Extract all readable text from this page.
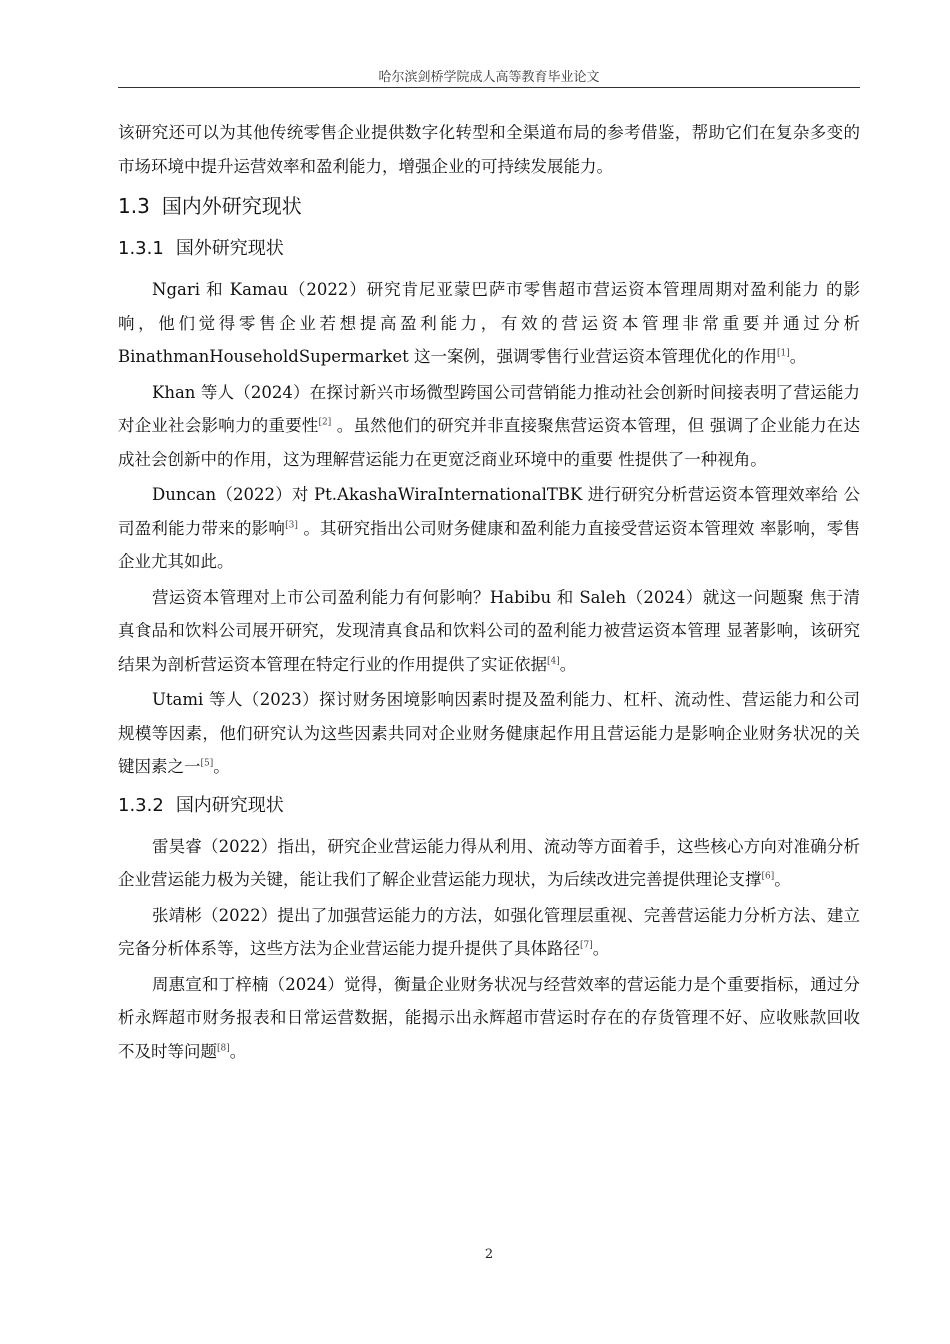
哈尔滨剑桥学院成人高等教育毕业论文

该研究还可以为其他传统零售企业提供数字化转型和全渠道布局的参考借鉴，帮助它们在复杂多变的市场环境中提升运营效率和盈利能力，增强企业的可持续发展能力。

1.3 国内外研究现状
1.3.1 国外研究现状

Ngari 和 Kamau（2022）研究肯尼亚蒙巴萨市零售超市营运资本管理周期对盈利能力 的影响，他们觉得零售企业若想提高盈利能力，有效的营运资本管理非常重要并通过分析 BinathmanHouseholdSupermarket 这一案例，强调零售行业营运资本管理优化的作用[1]。

Khan 等人（2024）在探讨新兴市场微型跨国公司营销能力推动社会创新时间接表明了营运能力对企业社会影响力的重要性[2] 。虽然他们的研究并非直接聚焦营运资本管理，但 强调了企业能力在达成社会创新中的作用，这为理解营运能力在更宽泛商业环境中的重要 性提供了一种视角。

Duncan（2022）对 Pt.AkashaWiraInternationalTBK 进行研究分析营运资本管理效率给 公司盈利能力带来的影响[3] 。其研究指出公司财务健康和盈利能力直接受营运资本管理效 率影响，零售企业尤其如此。

营运资本管理对上市公司盈利能力有何影响？Habibu 和 Saleh（2024）就这一问题聚 焦于清真食品和饮料公司展开研究，发现清真食品和饮料公司的盈利能力被营运资本管理 显著影响，该研究结果为剖析营运资本管理在特定行业的作用提供了实证依据[4]。

Utami 等人（2023）探讨财务困境影响因素时提及盈利能力、杠杆、流动性、营运能力和公司规模等因素，他们研究认为这些因素共同对企业财务健康起作用且营运能力是影响企业财务状况的关键因素之一[5]。

1.3.2 国内研究现状

雷昊睿（2022）指出，研究企业营运能力得从利用、流动等方面着手，这些核心方向对准确分析企业营运能力极为关键，能让我们了解企业营运能力现状，为后续改进完善提供理论支撑[6]。

张靖彬（2022）提出了加强营运能力的方法，如强化管理层重视、完善营运能力分析方法、建立完备分析体系等，这些方法为企业营运能力提升提供了具体路径[7]。

周惠宣和丁梓楠（2024）觉得，衡量企业财务状况与经营效率的营运能力是个重要指标，通过分析永辉超市财务报表和日常运营数据，能揭示出永辉超市营运时存在的存货管理不好、应收账款回收不及时等问题[8]。

2
